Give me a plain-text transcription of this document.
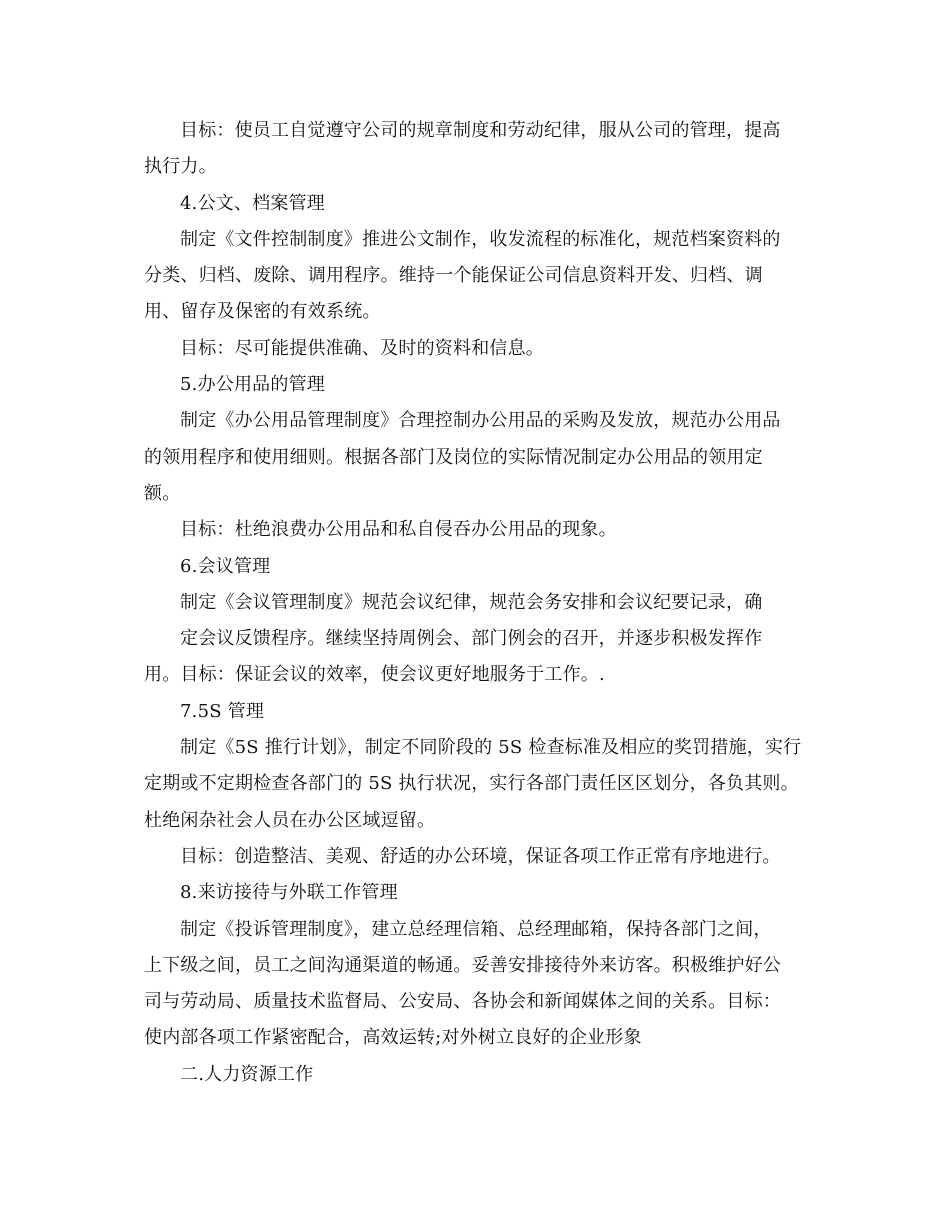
目标：使员工自觉遵守公司的规章制度和劳动纪律，服从公司的管理，提高
执行力。
4.公文、档案管理
制定《文件控制制度》推进公文制作，收发流程的标准化，规范档案资料的
分类、归档、废除、调用程序。维持一个能保证公司信息资料开发、归档、调
用、留存及保密的有效系统。
目标：尽可能提供准确、及时的资料和信息。
5.办公用品的管理
制定《办公用品管理制度》合理控制办公用品的采购及发放，规范办公用品
的领用程序和使用细则。根据各部门及岗位的实际情况制定办公用品的领用定
额。
目标：杜绝浪费办公用品和私自侵吞办公用品的现象。
6.会议管理
制定《会议管理制度》规范会议纪律，规范会务安排和会议纪要记录，确
定会议反馈程序。继续坚持周例会、部门例会的召开，并逐步积极发挥作
用。目标：保证会议的效率，使会议更好地服务于工作。.
7.5S 管理
制定《5S 推行计划》，制定不同阶段的 5S 检查标准及相应的奖罚措施，实行
定期或不定期检查各部门的 5S 执行状况，实行各部门责任区区划分，各负其则。
杜绝闲杂社会人员在办公区域逗留。
目标：创造整洁、美观、舒适的办公环境，保证各项工作正常有序地进行。
8.来访接待与外联工作管理
制定《投诉管理制度》，建立总经理信箱、总经理邮箱，保持各部门之间，
上下级之间，员工之间沟通渠道的畅通。妥善安排接待外来访客。积极维护好公
司与劳动局、质量技术监督局、公安局、各协会和新闻媒体之间的关系。目标：
使内部各项工作紧密配合，高效运转;对外树立良好的企业形象
二.人力资源工作
